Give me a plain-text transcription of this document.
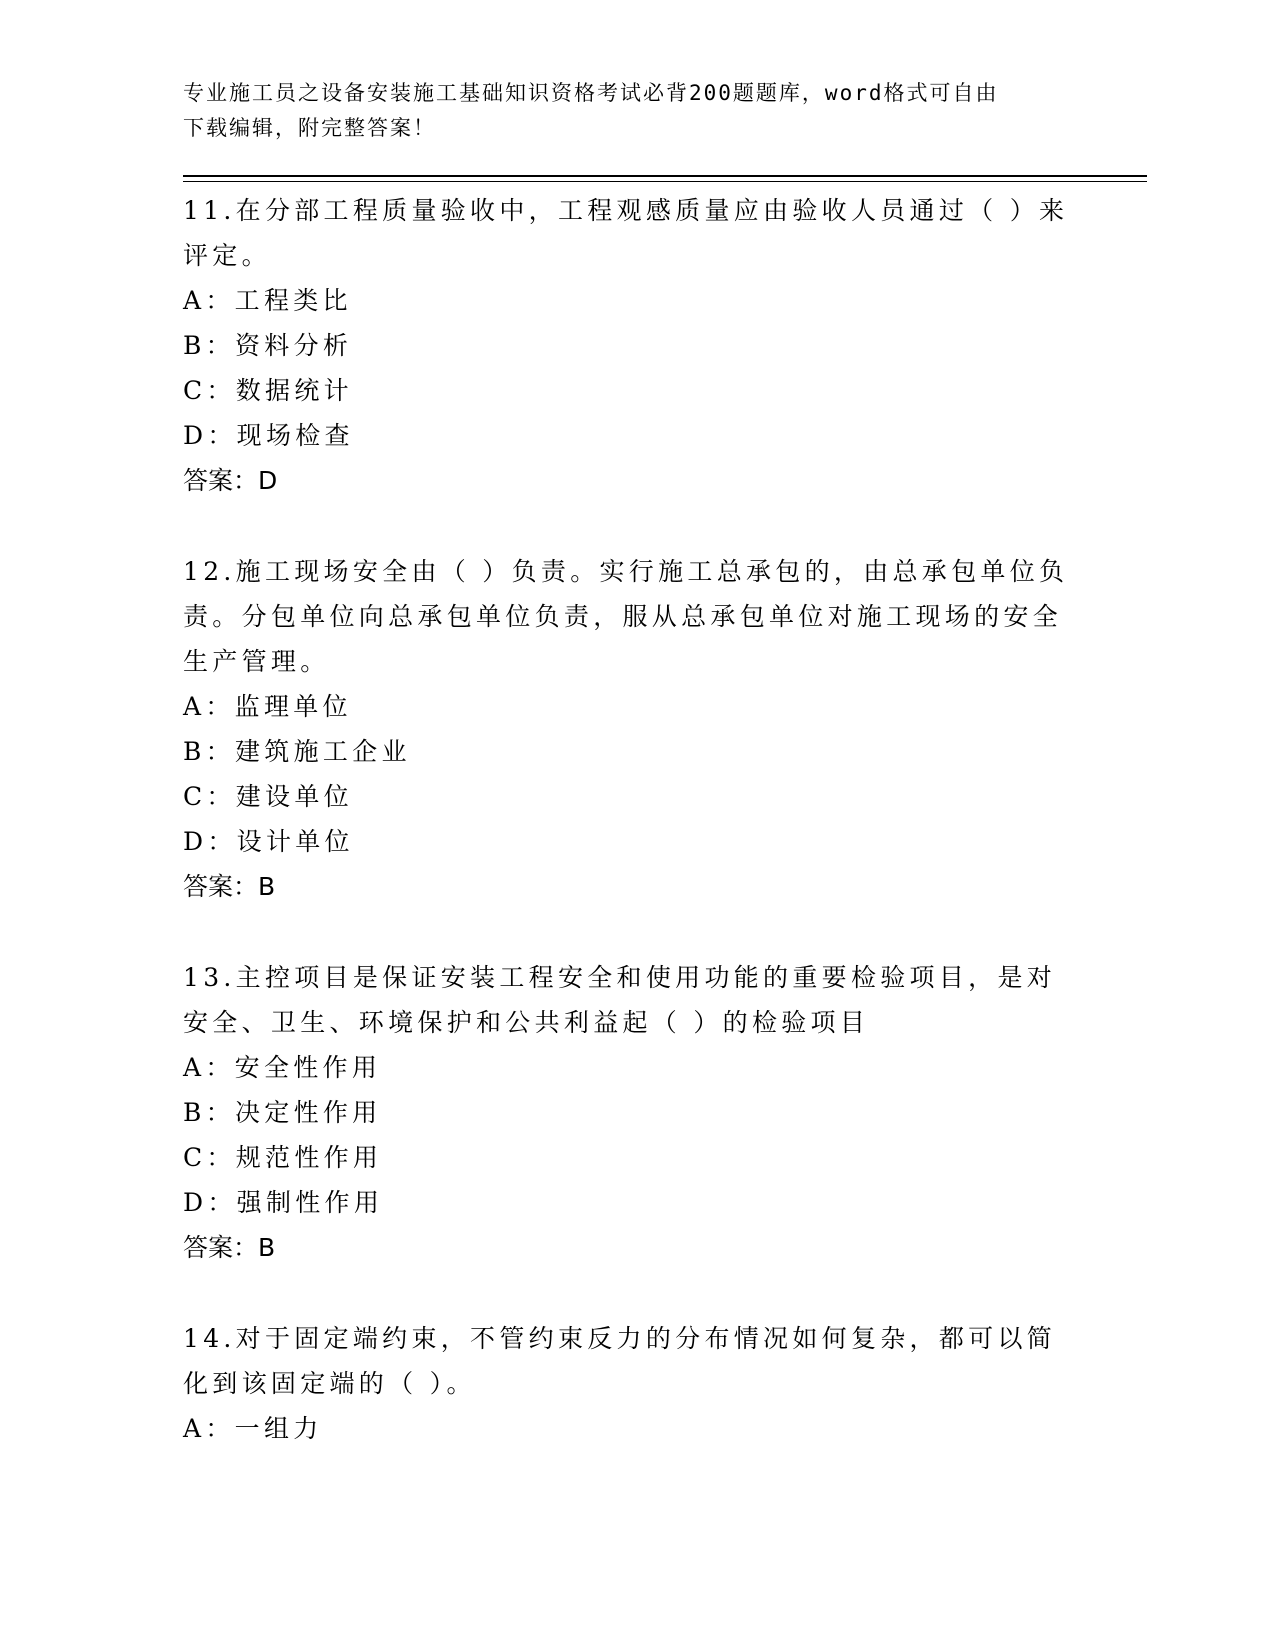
专业施工员之设备安装施工基础知识资格考试必背200题题库，word格式可自由
下载编辑，附完整答案！
11.在分部工程质量验收中，工程观感质量应由验收人员通过（ ）来评定。
A：工程类比
B：资料分析
C：数据统计
D：现场检查
答案：D
12.施工现场安全由（ ）负责。实行施工总承包的，由总承包单位负责。分包单位向总承包单位负责，服从总承包单位对施工现场的安全生产管理。
A：监理单位
B：建筑施工企业
C：建设单位
D：设计单位
答案：B
13.主控项目是保证安装工程安全和使用功能的重要检验项目，是对安全、卫生、环境保护和公共利益起（ ）的检验项目
A：安全性作用
B：决定性作用
C：规范性作用
D：强制性作用
答案：B
14.对于固定端约束，不管约束反力的分布情况如何复杂，都可以简化到该固定端的（ ）。
A：一组力
